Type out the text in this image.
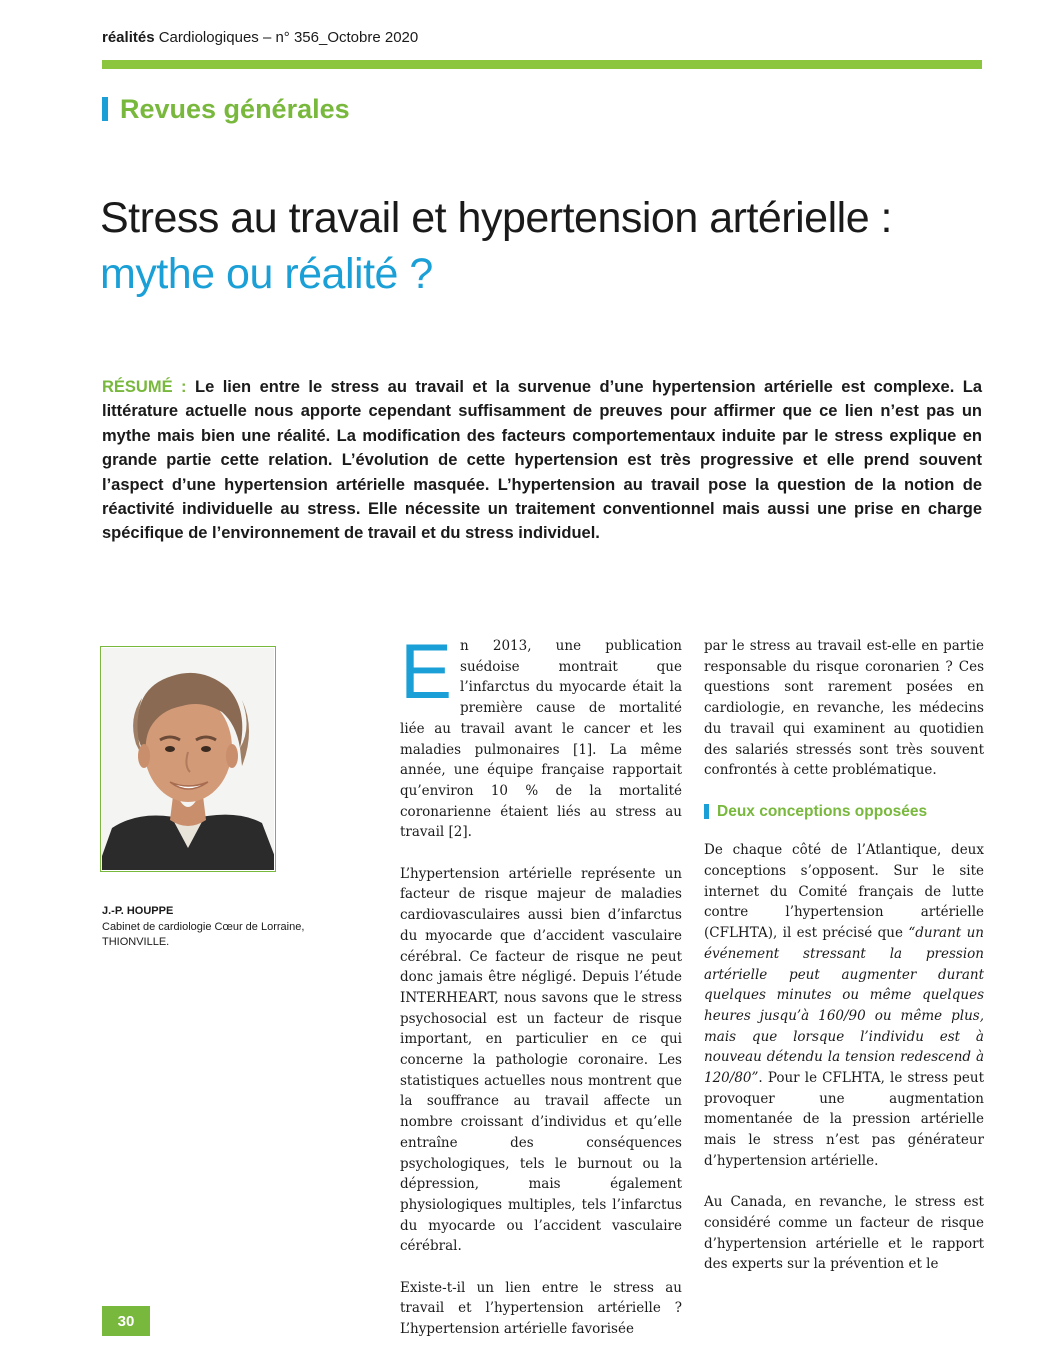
réalités Cardiologiques – n° 356_Octobre 2020
Revues générales
Stress au travail et hypertension artérielle :
mythe ou réalité ?
RÉSUMÉ : Le lien entre le stress au travail et la survenue d’une hypertension artérielle est complexe. La littérature actuelle nous apporte cependant suffisamment de preuves pour affirmer que ce lien n’est pas un mythe mais bien une réalité. La modification des facteurs comportementaux induite par le stress explique en grande partie cette relation. L’évolution de cette hypertension est très progressive et elle prend souvent l’aspect d’une hypertension artérielle masquée. L’hypertension au travail pose la question de la notion de réactivité individuelle au stress. Elle nécessite un traitement conventionnel mais aussi une prise en charge spécifique de l’environnement de travail et du stress individuel.
J.-P. HOUPPE
Cabinet de cardiologie Cœur de Lorraine,
THIONVILLE.

En 2013, une publication suédoise montrait que l’infarctus du myocarde était la première cause de mortalité liée au travail avant le cancer et les maladies pulmonaires [1]. La même année, une équipe française rapportait qu’environ 10 % de la mortalité coronarienne étaient liés au stress au travail [2].

L’hypertension artérielle représente un facteur de risque majeur de maladies cardiovasculaires aussi bien d’infarctus du myocarde que d’accident vasculaire cérébral. Ce facteur de risque ne peut donc jamais être négligé. Depuis l’étude INTERHEART, nous savons que le stress psychosocial est un facteur de risque important, en particulier en ce qui concerne la pathologie coronaire. Les statistiques actuelles nous montrent que la souffrance au travail affecte un nombre croissant d’individus et qu’elle entraîne des conséquences psychologiques, tels le burnout ou la dépression, mais également physiologiques multiples, tels l’infarctus du myocarde ou l’accident vasculaire cérébral.

Existe-t-il un lien entre le stress au travail et l’hypertension artérielle ? L’hypertension artérielle favorisée

par le stress au travail est-elle en partie responsable du risque coronarien ? Ces questions sont rarement posées en cardiologie, en revanche, les médecins du travail qui examinent au quotidien des salariés stressés sont très souvent confrontés à cette problématique.

Deux conceptions opposées

De chaque côté de l’Atlantique, deux conceptions s’opposent. Sur le site internet du Comité français de lutte contre l’hypertension artérielle (CFLHTA), il est précisé que “durant un événement stressant la pression artérielle peut augmenter durant quelques minutes ou même quelques heures jusqu’à 160/90 ou même plus, mais que lorsque l’individu est à nouveau détendu la tension redescend à 120/80”. Pour le CFLHTA, le stress peut provoquer une augmentation momentanée de la pression artérielle mais le stress n’est pas générateur d’hypertension artérielle.

Au Canada, en revanche, le stress est considéré comme un facteur de risque d’hypertension artérielle et le rapport des experts sur la prévention et le

30
